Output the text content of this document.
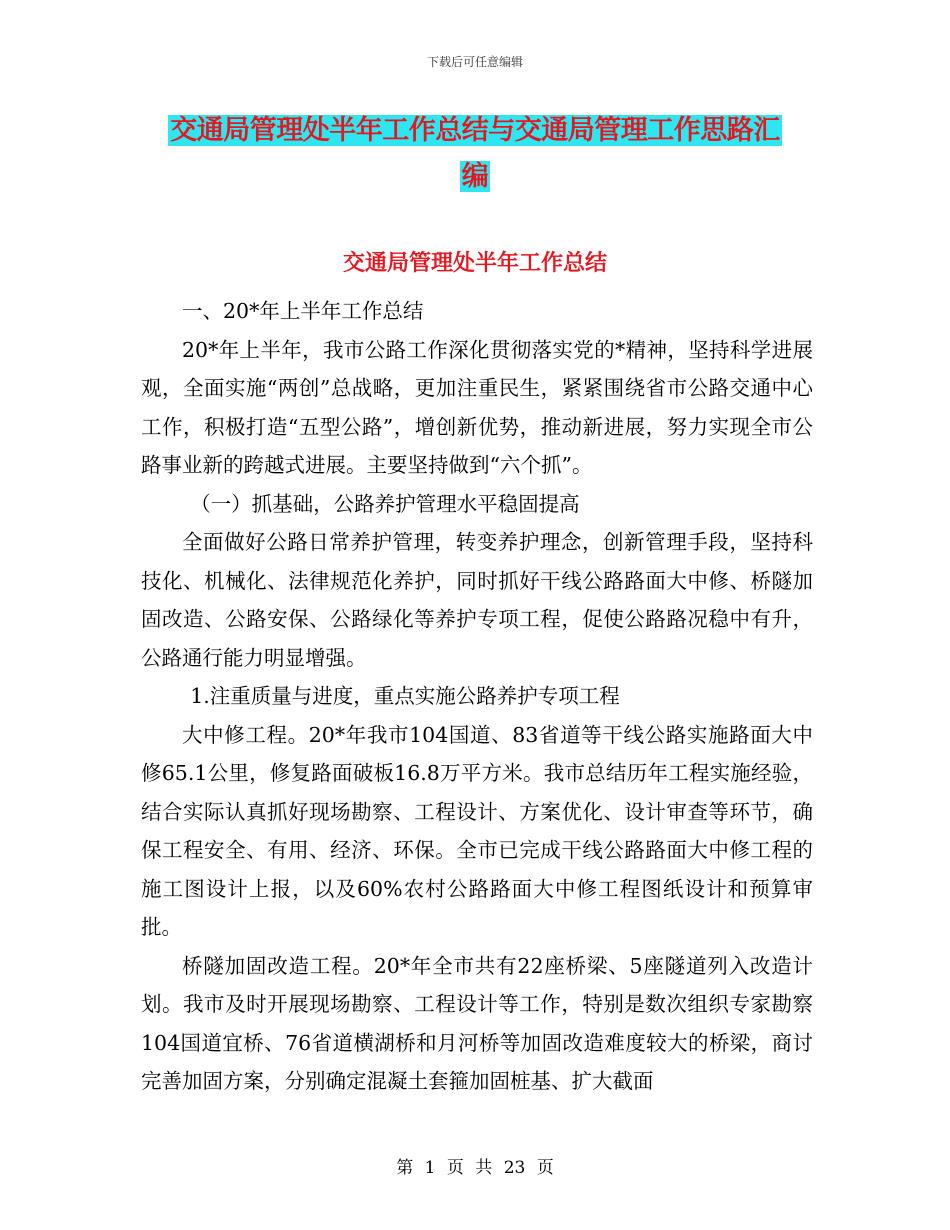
下载后可任意编辑
交通局管理处半年工作总结与交通局管理工作思路汇
编
交通局管理处半年工作总结

一、20*年上半年工作总结

20*年上半年，我市公路工作深化贯彻落实党的*精神，坚持科学进展观，全面实施“两创”总战略，更加注重民生，紧紧围绕省市公路交通中心工作，积极打造“五型公路”，增创新优势，推动新进展，努力实现全市公路事业新的跨越式进展。主要坚持做到“六个抓”。

（一）抓基础，公路养护管理水平稳固提高

全面做好公路日常养护管理，转变养护理念，创新管理手段，坚持科技化、机械化、法律规范化养护，同时抓好干线公路路面大中修、桥隧加固改造、公路安保、公路绿化等养护专项工程，促使公路路况稳中有升，公路通行能力明显增强。

1.注重质量与进度，重点实施公路养护专项工程

大中修工程。20*年我市104国道、83省道等干线公路实施路面大中修65.1公里，修复路面破板16.8万平方米。我市总结历年工程实施经验，结合实际认真抓好现场勘察、工程设计、方案优化、设计审查等环节，确保工程安全、有用、经济、环保。全市已完成干线公路路面大中修工程的施工图设计上报，以及60%农村公路路面大中修工程图纸设计和预算审批。

桥隧加固改造工程。20*年全市共有22座桥梁、5座隧道列入改造计划。我市及时开展现场勘察、工程设计等工作，特别是数次组织专家勘察104国道宜桥、76省道横湖桥和月河桥等加固改造难度较大的桥梁，商讨完善加固方案，分别确定混凝土套箍加固桩基、扩大截面

第 1 页 共 23 页
